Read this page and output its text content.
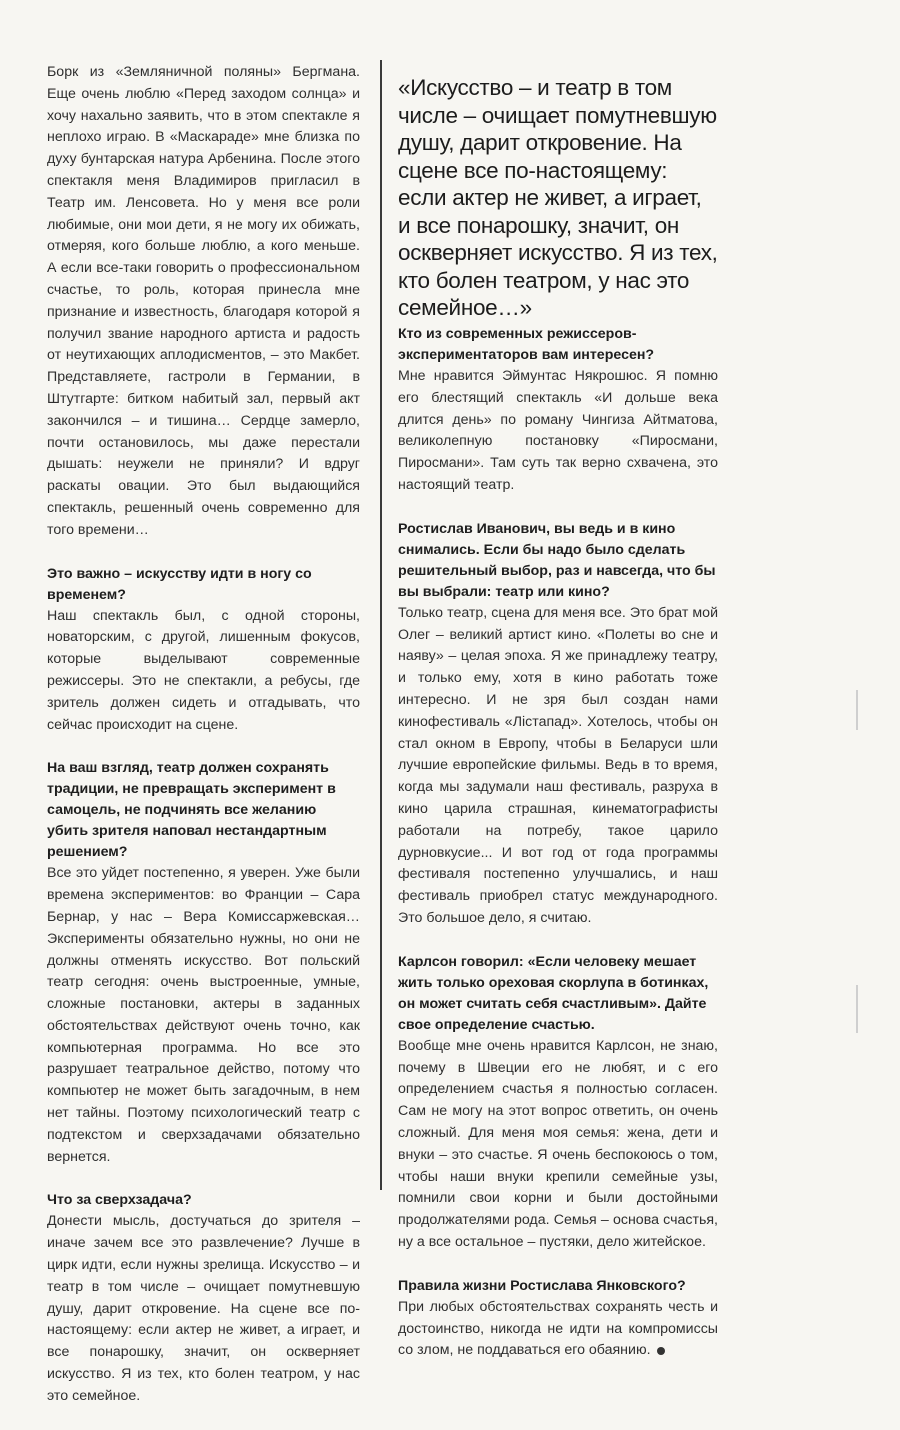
Борк из «Земляничной поляны» Бергмана. Еще очень люблю «Перед заходом солнца» и хочу нахально заявить, что в этом спектакле я неплохо играю. В «Маскараде» мне близка по духу бунтарская натура Арбенина. После этого спектакля меня Владимиров пригласил в Театр им. Ленсовета. Но у меня все роли любимые, они мои дети, я не могу их обижать, отмеряя, кого больше люблю, а кого меньше. А если все-таки говорить о профессиональном счастье, то роль, которая принесла мне признание и известность, благодаря которой я получил звание народного артиста и радость от неутихающих аплодисментов, – это Макбет. Представляете, гастроли в Германии, в Штутгарте: битком набитый зал, первый акт закончился – и тишина… Сердце замерло, почти остановилось, мы даже перестали дышать: неужели не приняли? И вдруг раскаты овации. Это был выдающийся спектакль, решенный очень современно для того времени…

Это важно – искусству идти в ногу со временем?

Наш спектакль был, с одной стороны, новаторским, с другой, лишенным фокусов, которые выделывают современные режиссеры. Это не спектакли, а ребусы, где зритель должен сидеть и отгадывать, что сейчас происходит на сцене.

На ваш взгляд, театр должен сохранять традиции, не превращать эксперимент в самоцель, не подчинять все желанию убить зрителя наповал нестандартным решением?

Все это уйдет постепенно, я уверен. Уже были времена экспериментов: во Франции – Сара Бернар, у нас – Вера Комиссаржевская… Эксперименты обязательно нужны, но они не должны отменять искусство. Вот польский театр сегодня: очень выстроенные, умные, сложные постановки, актеры в заданных обстоятельствах действуют очень точно, как компьютерная программа. Но все это разрушает театральное действо, потому что компьютер не может быть загадочным, в нем нет тайны. Поэтому психологический театр с подтекстом и сверхзадачами обязательно вернется.

Что за сверхзадача?

Донести мысль, достучаться до зрителя – иначе зачем все это развлечение? Лучше в цирк идти, если нужны зрелища. Искусство – и театр в том числе – очищает помутневшую душу, дарит откровение. На сцене все по-настоящему: если актер не живет, а играет, и все понарошку, значит, он оскверняет искусство. Я из тех, кто болен театром, у нас это семейное.

«Искусство – и театр в том числе – очищает помутневшую душу, дарит откровение. На сцене все по-настоящему: если актер не живет, а играет, и все понарошку, значит, он оскверняет искусство. Я из тех, кто болен театром, у нас это семейное…»

Кто из современных режиссеров-экспериментаторов вам интересен?

Мне нравится Эймунтас Някрошюс. Я помню его блестящий спектакль «И дольше века длится день» по роману Чингиза Айтматова, великолепную постановку «Пиросмани, Пиросмани». Там суть так верно схвачена, это настоящий театр.

Ростислав Иванович, вы ведь и в кино снимались. Если бы надо было сделать решительный выбор, раз и навсегда, что бы вы выбрали: театр или кино?

Только театр, сцена для меня все. Это брат мой Олег – великий артист кино. «Полеты во сне и наяву» – целая эпоха. Я же принадлежу театру, и только ему, хотя в кино работать тоже интересно. И не зря был создан нами кинофестиваль «Лістапад». Хотелось, чтобы он стал окном в Европу, чтобы в Беларуси шли лучшие европейские фильмы. Ведь в то время, когда мы задумали наш фестиваль, разруха в кино царила страшная, кинематографисты работали на потребу, такое царило дурновкусие... И вот год от года программы фестиваля постепенно улучшались, и наш фестиваль приобрел статус международного. Это большое дело, я считаю.

Карлсон говорил: «Если человеку мешает жить только ореховая скорлупа в ботинках, он может считать себя счастливым». Дайте свое определение счастью.

Вообще мне очень нравится Карлсон, не знаю, почему в Швеции его не любят, и с его определением счастья я полностью согласен. Сам не могу на этот вопрос ответить, он очень сложный. Для меня моя семья: жена, дети и внуки – это счастье. Я очень беспокоюсь о том, чтобы наши внуки крепили семейные узы, помнили свои корни и были достойными продолжателями рода. Семья – основа счастья, ну а все остальное – пустяки, дело житейское.

Правила жизни Ростислава Янковского?

При любых обстоятельствах сохранять честь и достоинство, никогда не идти на компромиссы со злом, не поддаваться его обаянию.
